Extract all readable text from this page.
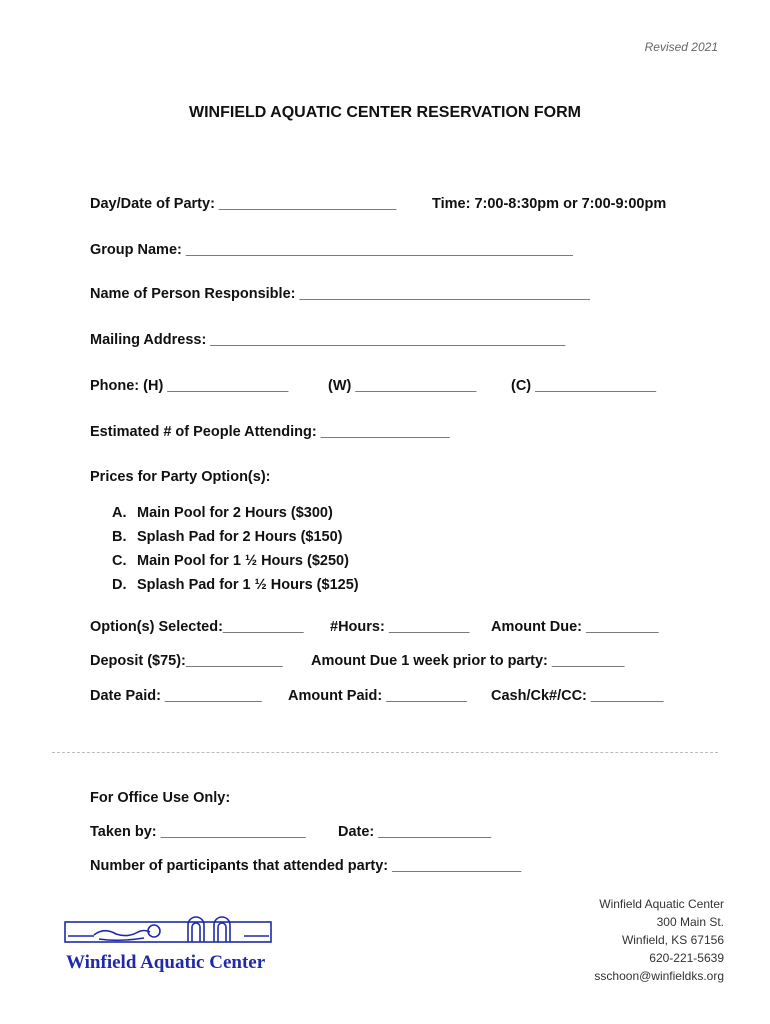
Revised 2021
WINFIELD AQUATIC CENTER RESERVATION FORM
Day/Date of Party: ______________________ Time: 7:00-8:30pm or 7:00-9:00pm
Group Name: ________________________________________________
Name of Person Responsible: ____________________________________
Mailing Address: ____________________________________________
Phone: (H) _______________	(W) _______________ (C) _______________
Estimated # of People Attending: ________________
Prices for Party Option(s):
A. Main Pool for 2 Hours ($300)
B. Splash Pad for 2 Hours ($150)
C. Main Pool for 1 ½ Hours ($250)
D. Splash Pad for 1 ½ Hours ($125)
Option(s) Selected:__________ #Hours: __________ Amount Due: _________
Deposit ($75):____________ Amount Due 1 week prior to party: _________
Date Paid: ____________ Amount Paid: __________ Cash/Ck#/CC: _________
For Office Use Only:
Taken by: __________________ Date: ______________
Number of participants that attended party: ________________
Winfield Aquatic Center
300 Main St.
Winfield, KS 67156
620-221-5639
sschoon@winfieldks.org
Winfield Aquatic Center
